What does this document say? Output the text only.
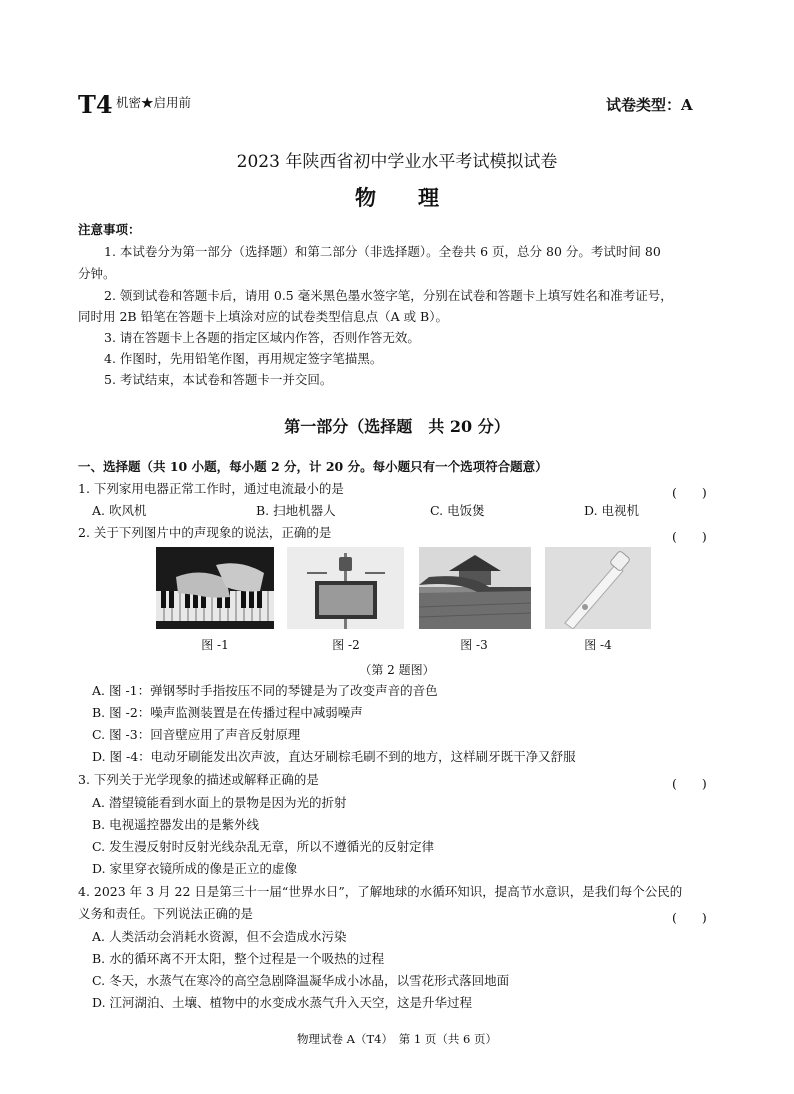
T4 机密★启用前	试卷类型：A
2023 年陕西省初中学业水平考试模拟试卷
物　　理
注意事项：
1. 本试卷分为第一部分（选择题）和第二部分（非选择题）。全卷共 6 页，总分 80 分。考试时间 80
分钟。
2. 领到试卷和答题卡后，请用 0.5 毫米黑色墨水签字笔，分别在试卷和答题卡上填写姓名和准考证号，
同时用 2B 铅笔在答题卡上填涂对应的试卷类型信息点（A 或 B）。
3. 请在答题卡上各题的指定区域内作答，否则作答无效。
4. 作图时，先用铅笔作图，再用规定签字笔描黑。
5. 考试结束，本试卷和答题卡一并交回。
第一部分（选择题　共 20 分）
一、选择题（共 10 小题，每小题 2 分，计 20 分。每小题只有一个选项符合题意）
1. 下列家用电器正常工作时，通过电流最小的是	(　　)
A. 吹风机	B. 扫地机器人	C. 电饭煲	D. 电视机
2. 关于下列图片中的声现象的说法，正确的是	(　　)
图 -1	图 -2	图 -3	图 -4
（第 2 题图）
A. 图 -1：弹钢琴时手指按压不同的琴键是为了改变声音的音色
B. 图 -2：噪声监测装置是在传播过程中减弱噪声
C. 图 -3：回音壁应用了声音反射原理
D. 图 -4：电动牙刷能发出次声波，直达牙刷棕毛刷不到的地方，这样刷牙既干净又舒服
3. 下列关于光学现象的描述或解释正确的是	(　　)
A. 潜望镜能看到水面上的景物是因为光的折射
B. 电视遥控器发出的是紫外线
C. 发生漫反射时反射光线杂乱无章，所以不遵循光的反射定律
D. 家里穿衣镜所成的像是正立的虚像
4. 2023 年 3 月 22 日是第三十一届“世界水日”，了解地球的水循环知识，提高节水意识，是我们每个公民的
义务和责任。下列说法正确的是	(　　)
A. 人类活动会消耗水资源，但不会造成水污染
B. 水的循环离不开太阳，整个过程是一个吸热的过程
C. 冬天，水蒸气在寒冷的高空急剧降温凝华成小冰晶，以雪花形式落回地面
D. 江河湖泊、土壤、植物中的水变成水蒸气升入天空，这是升华过程
物理试卷 A（T4）　第 1 页（共 6 页）
